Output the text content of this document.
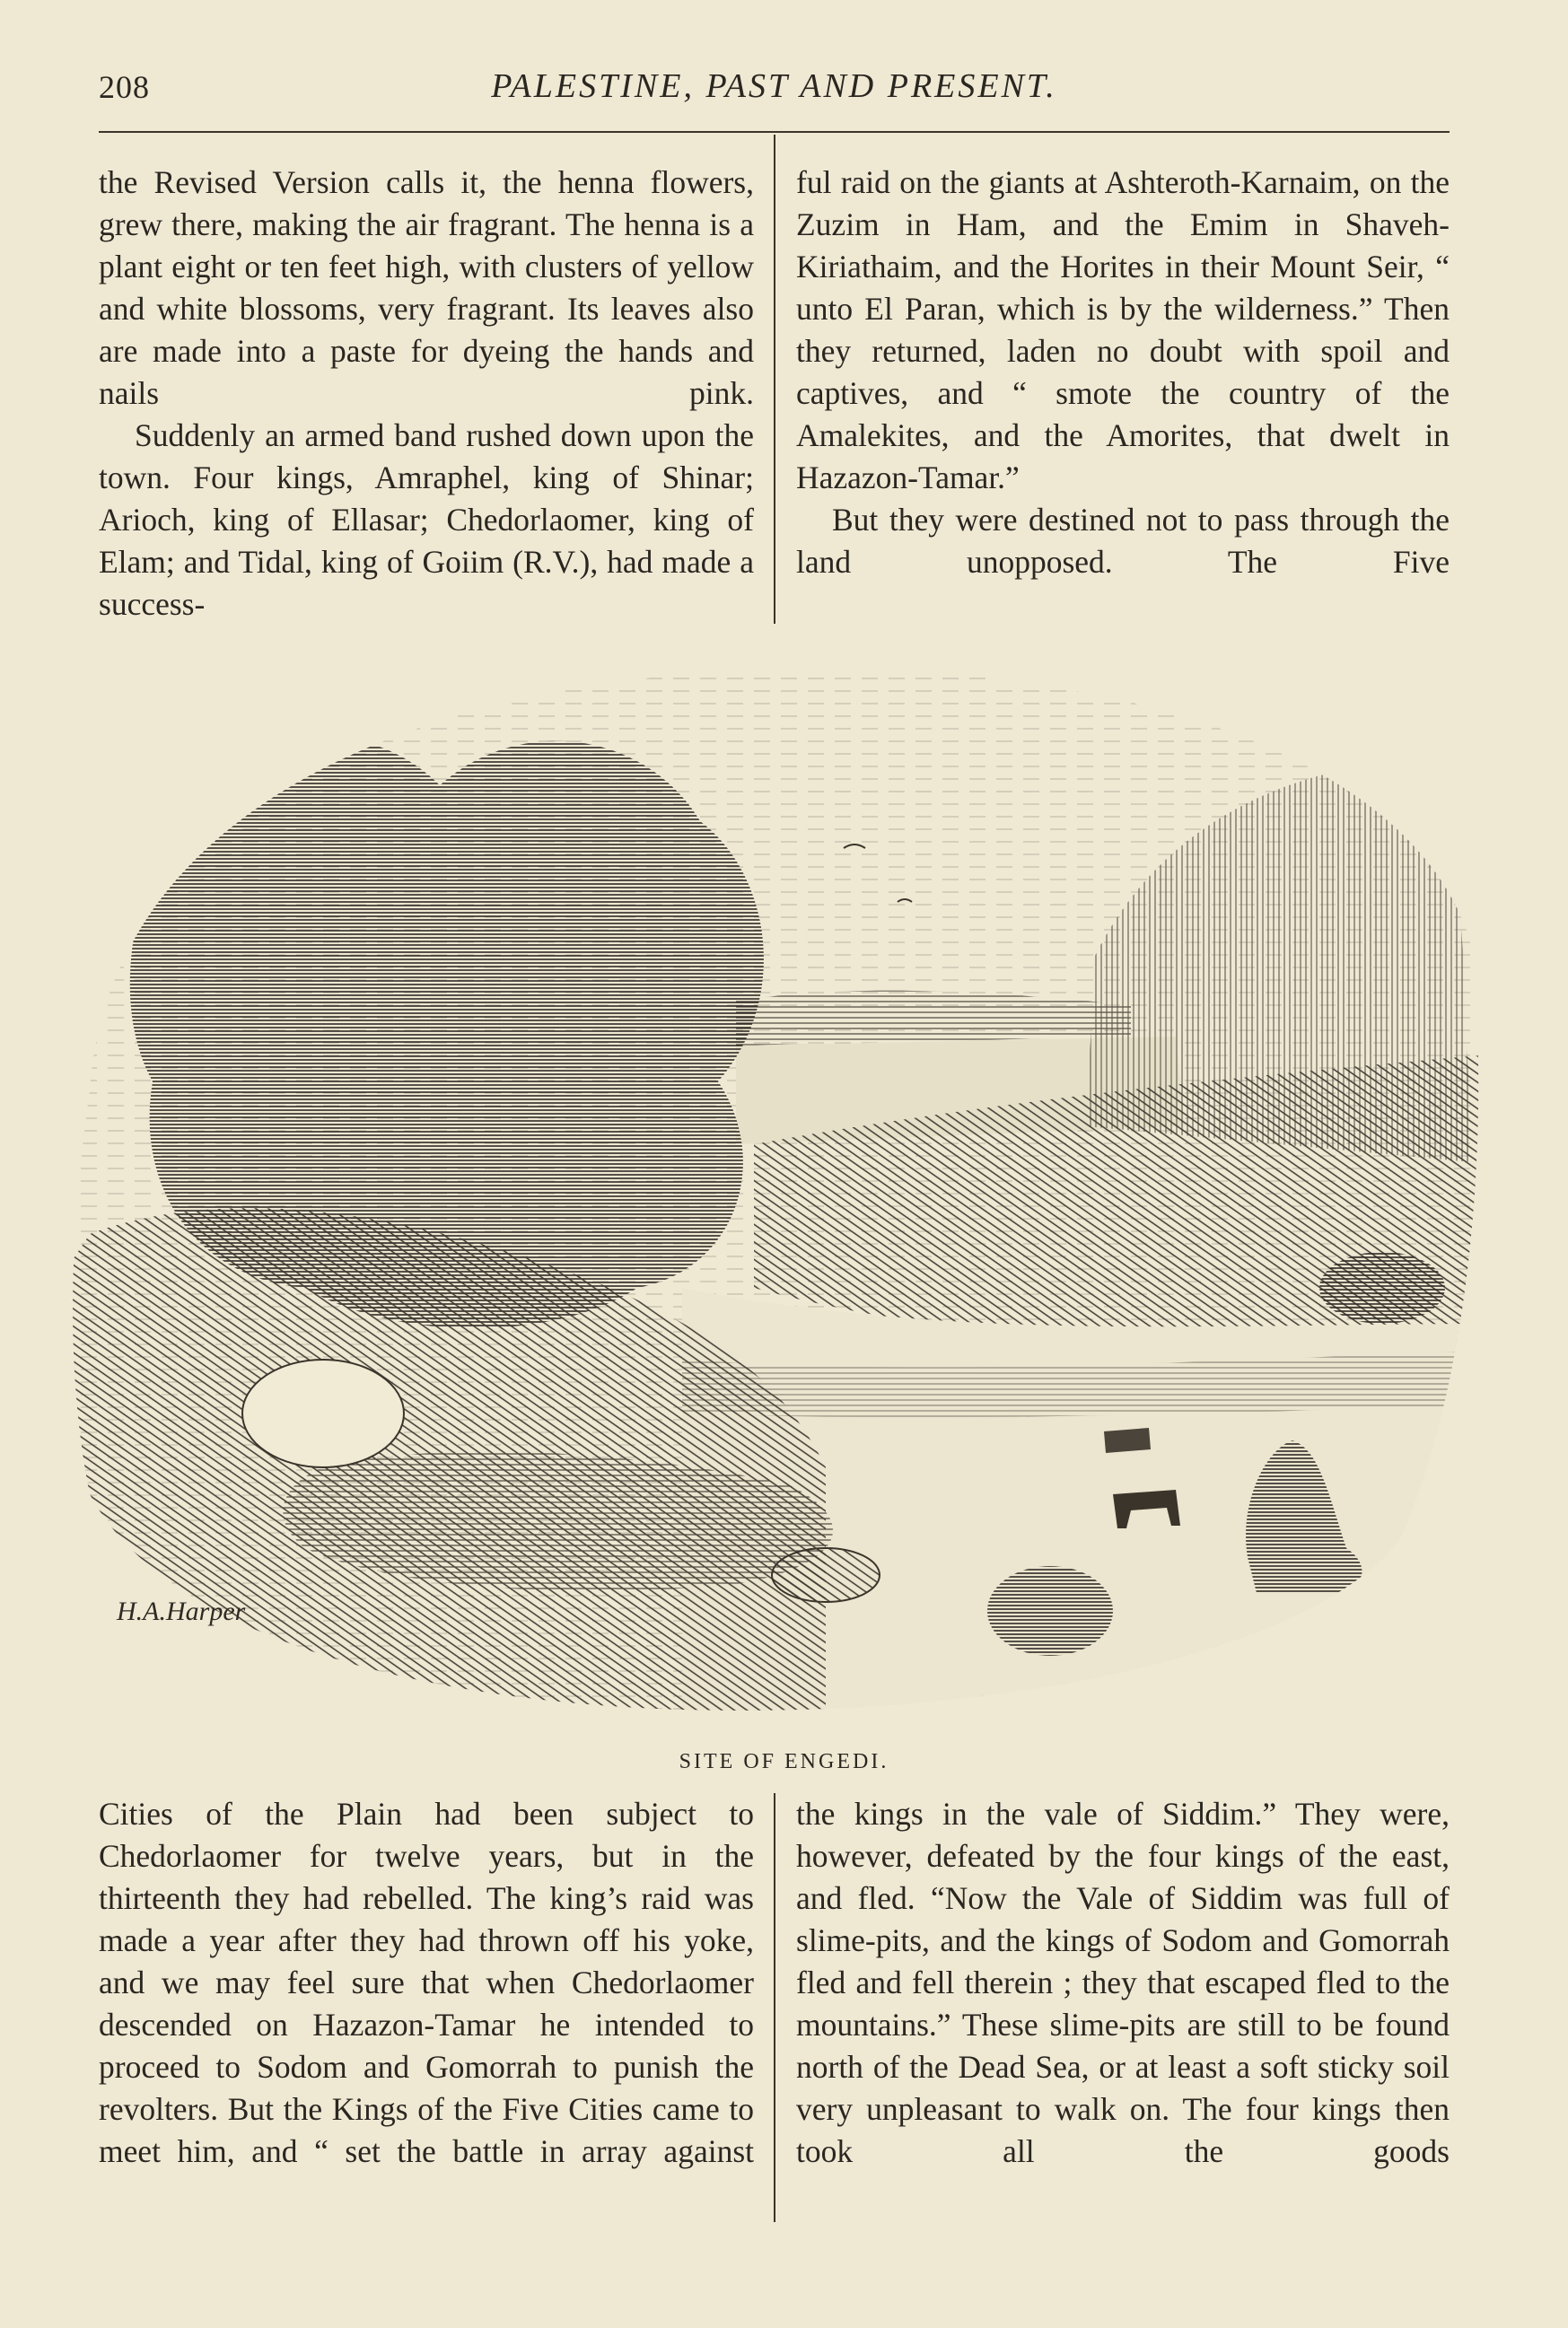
208	PALESTINE, PAST AND PRESENT.

the Revised Version calls it, the henna flowers, grew there, making the air fragrant. The henna is a plant eight or ten feet high, with clusters of yellow and white blossoms, very fragrant. Its leaves also are made into a paste for dyeing the hands and nails pink.

Suddenly an armed band rushed down upon the town. Four kings, Amraphel, king of Shinar; Arioch, king of Ellasar; Chedorlaomer, king of Elam; and Tidal, king of Goiim (R.V.), had made a success-

ful raid on the giants at Ashteroth-Karnaim, on the Zuzim in Ham, and the Emim in Shaveh-Kiriathaim, and the Horites in their Mount Seir, “ unto El Paran, which is by the wilderness.” Then they returned, laden no doubt with spoil and captives, and “ smote the country of the Amalekites, and the Amorites, that dwelt in Hazazon-Tamar.”

But they were destined not to pass through the land unopposed. The Five

H.A.Harper
SITE OF ENGEDI.

Cities of the Plain had been subject to Chedorlaomer for twelve years, but in the thirteenth they had rebelled. The king’s raid was made a year after they had thrown off his yoke, and we may feel sure that when Chedorlaomer descended on Hazazon-Tamar he intended to proceed to Sodom and Gomorrah to punish the revolters. But the Kings of the Five Cities came to meet him, and “ set the battle in array against

the kings in the vale of Siddim.” They were, however, defeated by the four kings of the east, and fled. “Now the Vale of Siddim was full of slime-pits, and the kings of Sodom and Gomorrah fled and fell therein ; they that escaped fled to the mountains.” These slime-pits are still to be found north of the Dead Sea, or at least a soft sticky soil very unpleasant to walk on. The four kings then took all the goods
